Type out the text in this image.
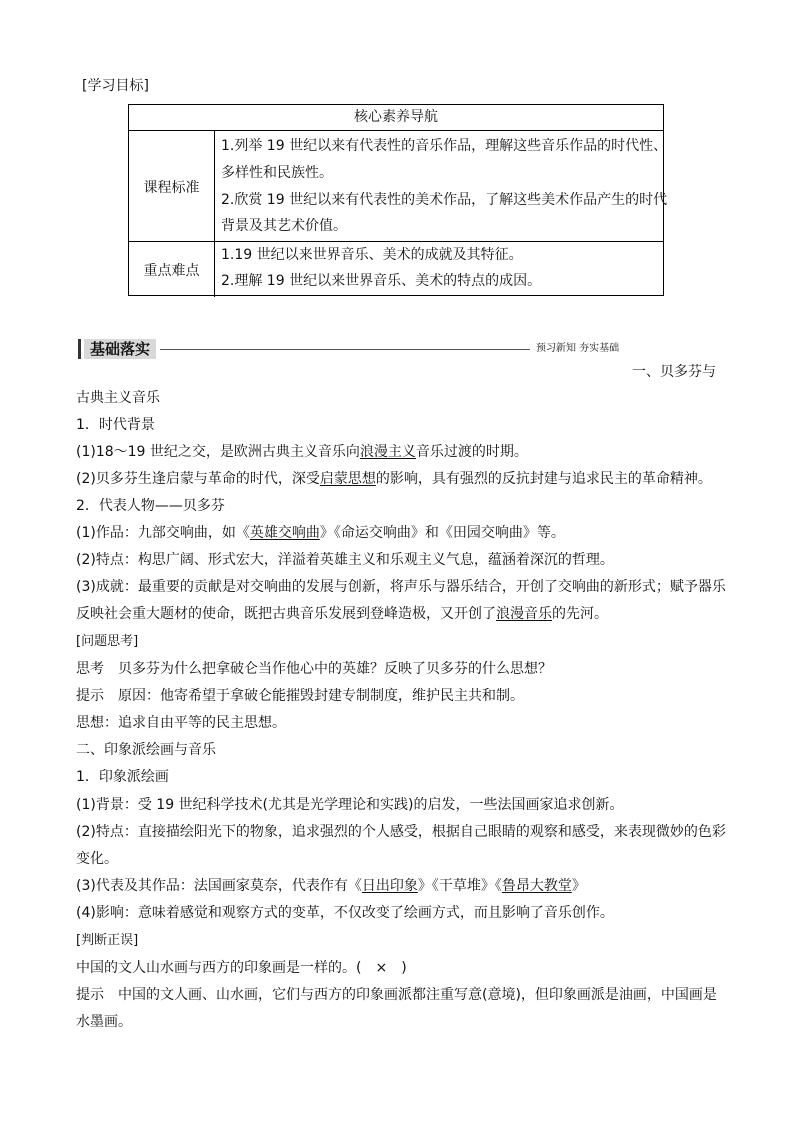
[学习目标]
核心素养导航
课程标准
重点难点
1.列举 19 世纪以来有代表性的音乐作品，理解这些音乐作品的时代性、
多样性和民族性。
2.欣赏 19 世纪以来有代表性的美术作品，了解这些美术作品产生的时代
背景及其艺术价值。
1.19 世纪以来世界音乐、美术的成就及其特征。
2.理解 19 世纪以来世界音乐、美术的特点的成因。
基础落实	预习新知 夯实基础
一、贝多芬与
古典主义音乐
1．时代背景
(1)18～19 世纪之交，是欧洲古典主义音乐向浪漫主义音乐过渡的时期。
(2)贝多芬生逢启蒙与革命的时代，深受启蒙思想的影响，具有强烈的反抗封建与追求民主的革命精神。
2．代表人物——贝多芬
(1)作品：九部交响曲，如《英雄交响曲》《命运交响曲》和《田园交响曲》等。
(2)特点：构思广阔、形式宏大，洋溢着英雄主义和乐观主义气息，蕴涵着深沉的哲理。
(3)成就：最重要的贡献是对交响曲的发展与创新，将声乐与器乐结合，开创了交响曲的新形式；赋予器乐
反映社会重大题材的使命，既把古典音乐发展到登峰造极，又开创了浪漫音乐的先河。
[问题思考]
思考　贝多芬为什么把拿破仑当作他心中的英雄？反映了贝多芬的什么思想？
提示　原因：他寄希望于拿破仑能摧毁封建专制制度，维护民主共和制。
思想：追求自由平等的民主思想。
二、印象派绘画与音乐
1．印象派绘画
(1)背景：受 19 世纪科学技术(尤其是光学理论和实践)的启发，一些法国画家追求创新。
(2)特点：直接描绘阳光下的物象，追求强烈的个人感受，根据自己眼睛的观察和感受，来表现微妙的色彩
变化。
(3)代表及其作品：法国画家莫奈，代表作有《日出印象》《干草堆》《鲁昂大教堂》
(4)影响：意味着感觉和观察方式的变革，不仅改变了绘画方式，而且影响了音乐创作。
[判断正误]
中国的文人山水画与西方的印象画是一样的。(　×　)
提示　中国的文人画、山水画，它们与西方的印象画派都注重写意(意境)，但印象画派是油画，中国画是
水墨画。
